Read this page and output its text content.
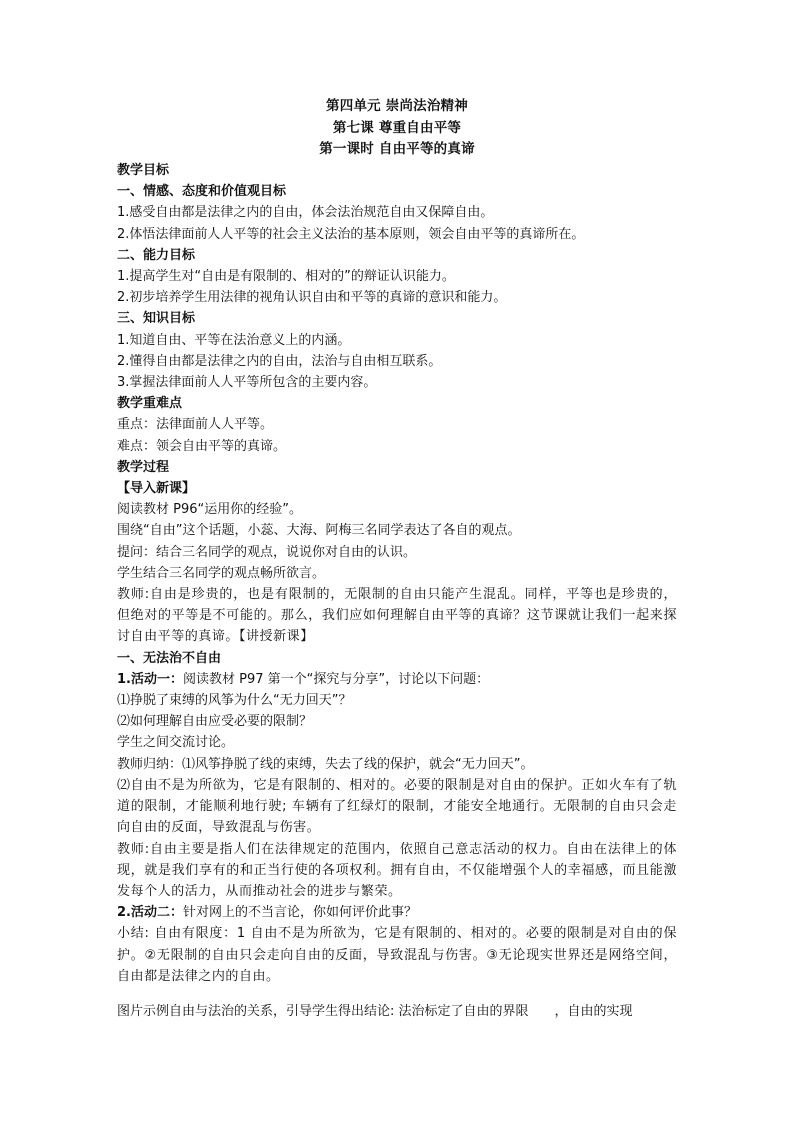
第四单元 崇尚法治精神
第七课 尊重自由平等
第一课时 自由平等的真谛

教学目标

一、情感、态度和价值观目标

1.感受自由都是法律之内的自由，体会法治规范自由又保障自由。

2.体悟法律面前人人平等的社会主义法治的基本原则，领会自由平等的真谛所在。

二、能力目标

1.提高学生对“自由是有限制的、相对的”的辩证认识能力。

2.初步培养学生用法律的视角认识自由和平等的真谛的意识和能力。

三、知识目标

1.知道自由、平等在法治意义上的内涵。

2.懂得自由都是法律之内的自由，法治与自由相互联系。

3.掌握法律面前人人平等所包含的主要内容。

教学重难点

重点：法律面前人人平等。

难点：领会自由平等的真谛。

教学过程

【导入新课】

阅读教材 P96“运用你的经验”。

围绕“自由”这个话题，小蕊、大海、阿梅三名同学表达了各自的观点。

提问：结合三名同学的观点，说说你对自由的认识。

学生结合三名同学的观点畅所欲言。

教师:自由是珍贵的，也是有限制的，无限制的自由只能产生混乱。同样，平等也是珍贵的，但绝对的平等是不可能的。那么，我们应如何理解自由平等的真谛？这节课就让我们一起来探讨自由平等的真谛。【讲授新课】

一、无法治不自由

1.活动一：阅读教材 P97 第一个“探究与分享”，讨论以下问题：

⑴挣脱了束缚的风筝为什么“无力回天”？

⑵如何理解自由应受必要的限制？

学生之间交流讨论。

教师归纳：⑴风筝挣脱了线的束缚，失去了线的保护，就会“无力回天”。

⑵自由不是为所欲为，它是有限制的、相对的。必要的限制是对自由的保护。正如火车有了轨道的限制，才能顺利地行驶; 车辆有了红绿灯的限制，才能安全地通行。无限制的自由只会走向自由的反面，导致混乱与伤害。

教师:自由主要是指人们在法律规定的范围内，依照自己意志活动的权力。自由在法律上的体现，就是我们享有的和正当行使的各项权利。拥有自由，不仅能增强个人的幸福感，而且能激发每个人的活力，从而推动社会的进步与繁荣。

2.活动二：针对网上的不当言论，你如何评价此事？

小结: 自由有限度：1 自由不是为所欲为，它是有限制的、相对的。必要的限制是对自由的保护。②无限制的自由只会走向自由的反面，导致混乱与伤害。③无论现实世界还是网络空间，自由都是法律之内的自由。

图片示例自由与法治的关系，引导学生得出结论: 法治标定了自由的界限　　，自由的实现
